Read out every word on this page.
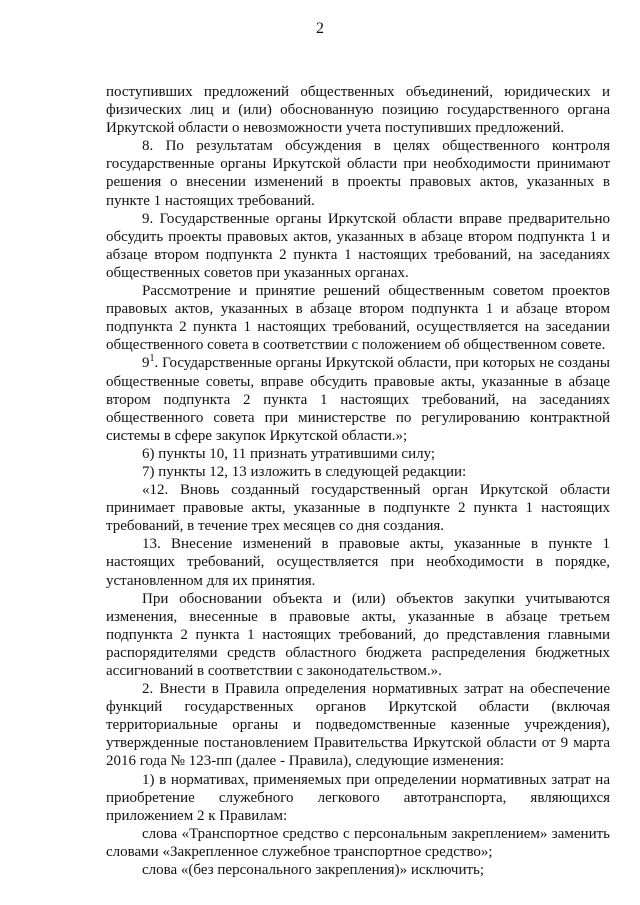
2

поступивших предложений общественных объединений, юридических и физических лиц и (или) обоснованную позицию государственного органа Иркутской области о невозможности учета поступивших предложений.

8. По результатам обсуждения в целях общественного контроля государственные органы Иркутской области при необходимости принимают решения о внесении изменений в проекты правовых актов, указанных в пункте 1 настоящих требований.

9. Государственные органы Иркутской области вправе предварительно обсудить проекты правовых актов, указанных в абзаце втором подпункта 1 и абзаце втором подпункта 2 пункта 1 настоящих требований, на заседаниях общественных советов при указанных органах.

Рассмотрение и принятие решений общественным советом проектов правовых актов, указанных в абзаце втором подпункта 1 и абзаце втором подпункта 2 пункта 1 настоящих требований, осуществляется на заседании общественного совета в соответствии с положением об общественном совете.

$9^1$. Государственные органы Иркутской области, при которых не созданы общественные советы, вправе обсудить правовые акты, указанные в абзаце втором подпункта 2 пункта 1 настоящих требований, на заседаниях общественного совета при министерстве по регулированию контрактной системы в сфере закупок Иркутской области.»;

6) пункты 10, 11 признать утратившими силу;

7) пункты 12, 13 изложить в следующей редакции:

«12. Вновь созданный государственный орган Иркутской области принимает правовые акты, указанные в подпункте 2 пункта 1 настоящих требований, в течение трех месяцев со дня создания.

13. Внесение изменений в правовые акты, указанные в пункте 1 настоящих требований, осуществляется при необходимости в порядке, установленном для их принятия.

При обосновании объекта и (или) объектов закупки учитываются изменения, внесенные в правовые акты, указанные в абзаце третьем подпункта 2 пункта 1 настоящих требований, до представления главными распорядителями средств областного бюджета распределения бюджетных ассигнований в соответствии с законодательством.».

2. Внести в Правила определения нормативных затрат на обеспечение функций государственных органов Иркутской области (включая территориальные органы и подведомственные казенные учреждения), утвержденные постановлением Правительства Иркутской области от 9 марта 2016 года № 123-пп (далее - Правила), следующие изменения:

1) в нормативах, применяемых при определении нормативных затрат на приобретение служебного легкового автотранспорта, являющихся приложением 2 к Правилам:

слова «Транспортное средство с персональным закреплением» заменить словами «Закрепленное служебное транспортное средство»;

слова «(без персонального закрепления)» исключить;
